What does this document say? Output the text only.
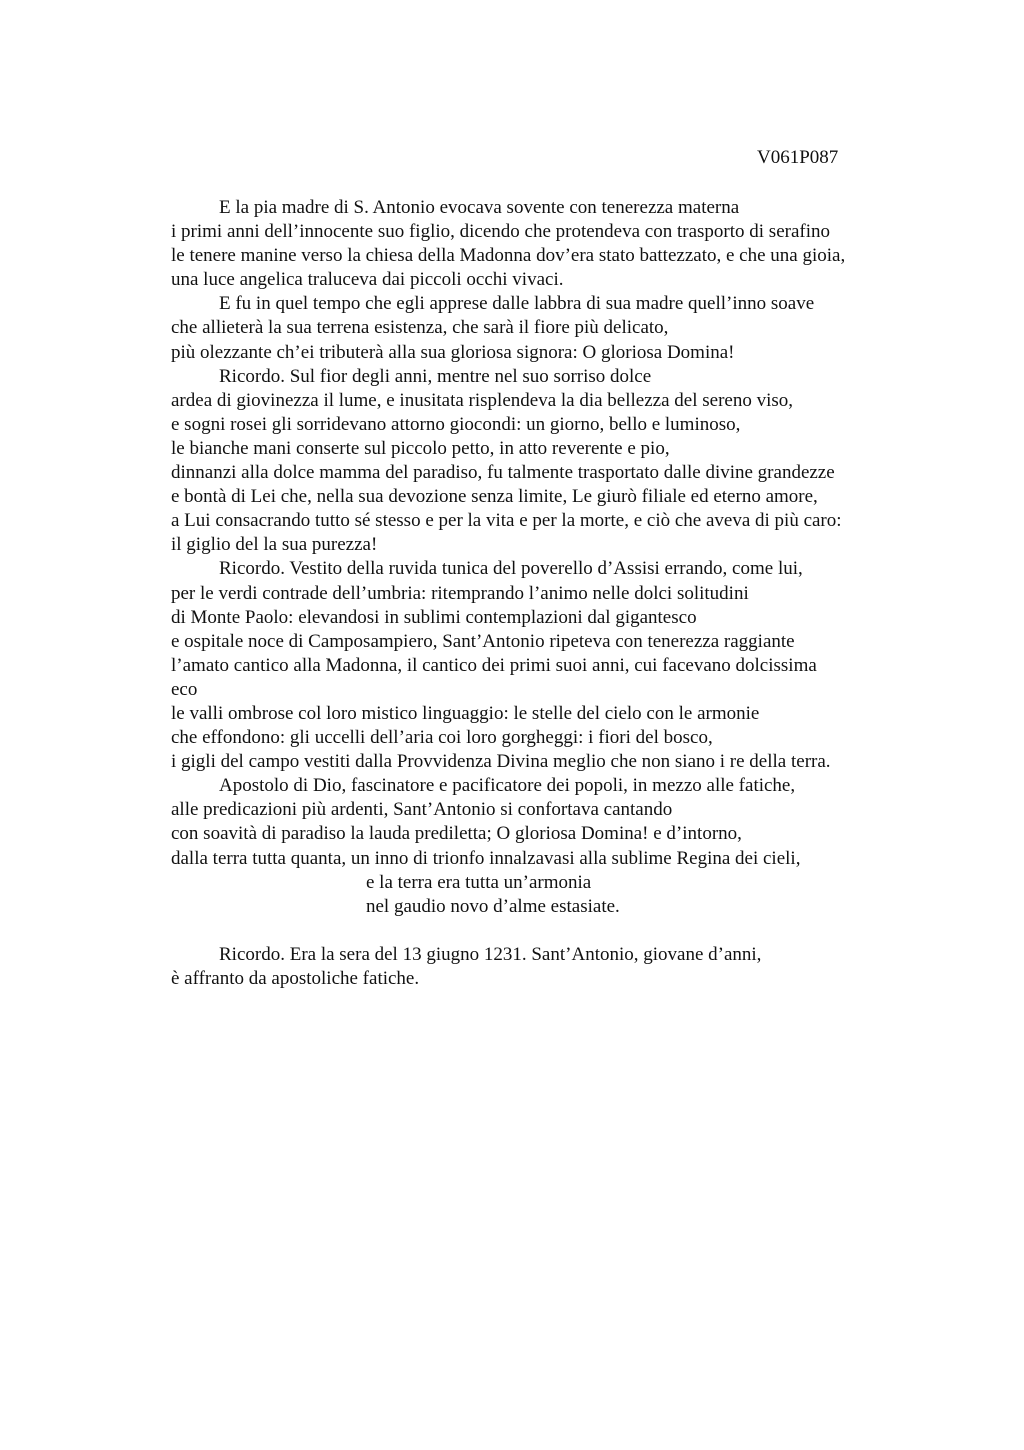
V061P087
E la pia madre di S. Antonio evocava sovente con tenerezza materna
i primi anni dell’innocente suo figlio, dicendo che protendeva con trasporto di serafino
le tenere manine verso la chiesa della Madonna dov’era stato battezzato, e che una gioia,
una luce angelica traluceva dai piccoli occhi vivaci.
E fu in quel tempo che egli apprese dalle labbra di sua madre quell’inno soave
che allieterà la sua terrena esistenza, che sarà il fiore più delicato,
più olezzante ch’ei tributerà alla sua gloriosa signora: O gloriosa Domina!
Ricordo. Sul fior degli anni, mentre nel suo sorriso dolce
ardea di giovinezza il lume, e inusitata risplendeva la dia bellezza del sereno viso,
e sogni rosei gli sorridevano attorno giocondi: un giorno, bello e luminoso,
le bianche mani conserte sul piccolo petto, in atto reverente e pio,
dinnanzi alla dolce mamma del paradiso, fu talmente trasportato dalle divine grandezze
e bontà di Lei che, nella sua devozione senza limite, Le giurò filiale ed eterno amore,
a Lui consacrando tutto sé stesso e per la vita e per la morte, e ciò che aveva di più caro:
il giglio del la sua purezza!
Ricordo. Vestito della ruvida tunica del poverello d’Assisi errando, come lui,
per le verdi contrade dell’umbria: ritemprando l’animo nelle dolci solitudini
di Monte Paolo: elevandosi in sublimi contemplazioni dal gigantesco
e ospitale noce di Camposampiero, Sant’Antonio ripeteva con tenerezza raggiante
l’amato cantico alla Madonna, il cantico dei primi suoi anni, cui facevano dolcissima
eco
le valli ombrose col loro mistico linguaggio: le stelle del cielo con le armonie
che effondono: gli uccelli dell’aria coi loro gorgheggi: i fiori del bosco,
i gigli del campo vestiti dalla Provvidenza Divina meglio che non siano i re della terra.
Apostolo di Dio, fascinatore e pacificatore dei popoli, in mezzo alle fatiche,
alle predicazioni più ardenti, Sant’Antonio si confortava cantando
con soavità di paradiso la lauda prediletta; O gloriosa Domina! e d’intorno,
dalla terra tutta quanta, un inno di trionfo innalzavasi alla sublime Regina dei cieli,
e la terra era tutta un’armonia
nel gaudio novo d’alme estasiate.
Ricordo. Era la sera del 13 giugno 1231. Sant’Antonio, giovane d’anni,
è affranto da apostoliche fatiche.
